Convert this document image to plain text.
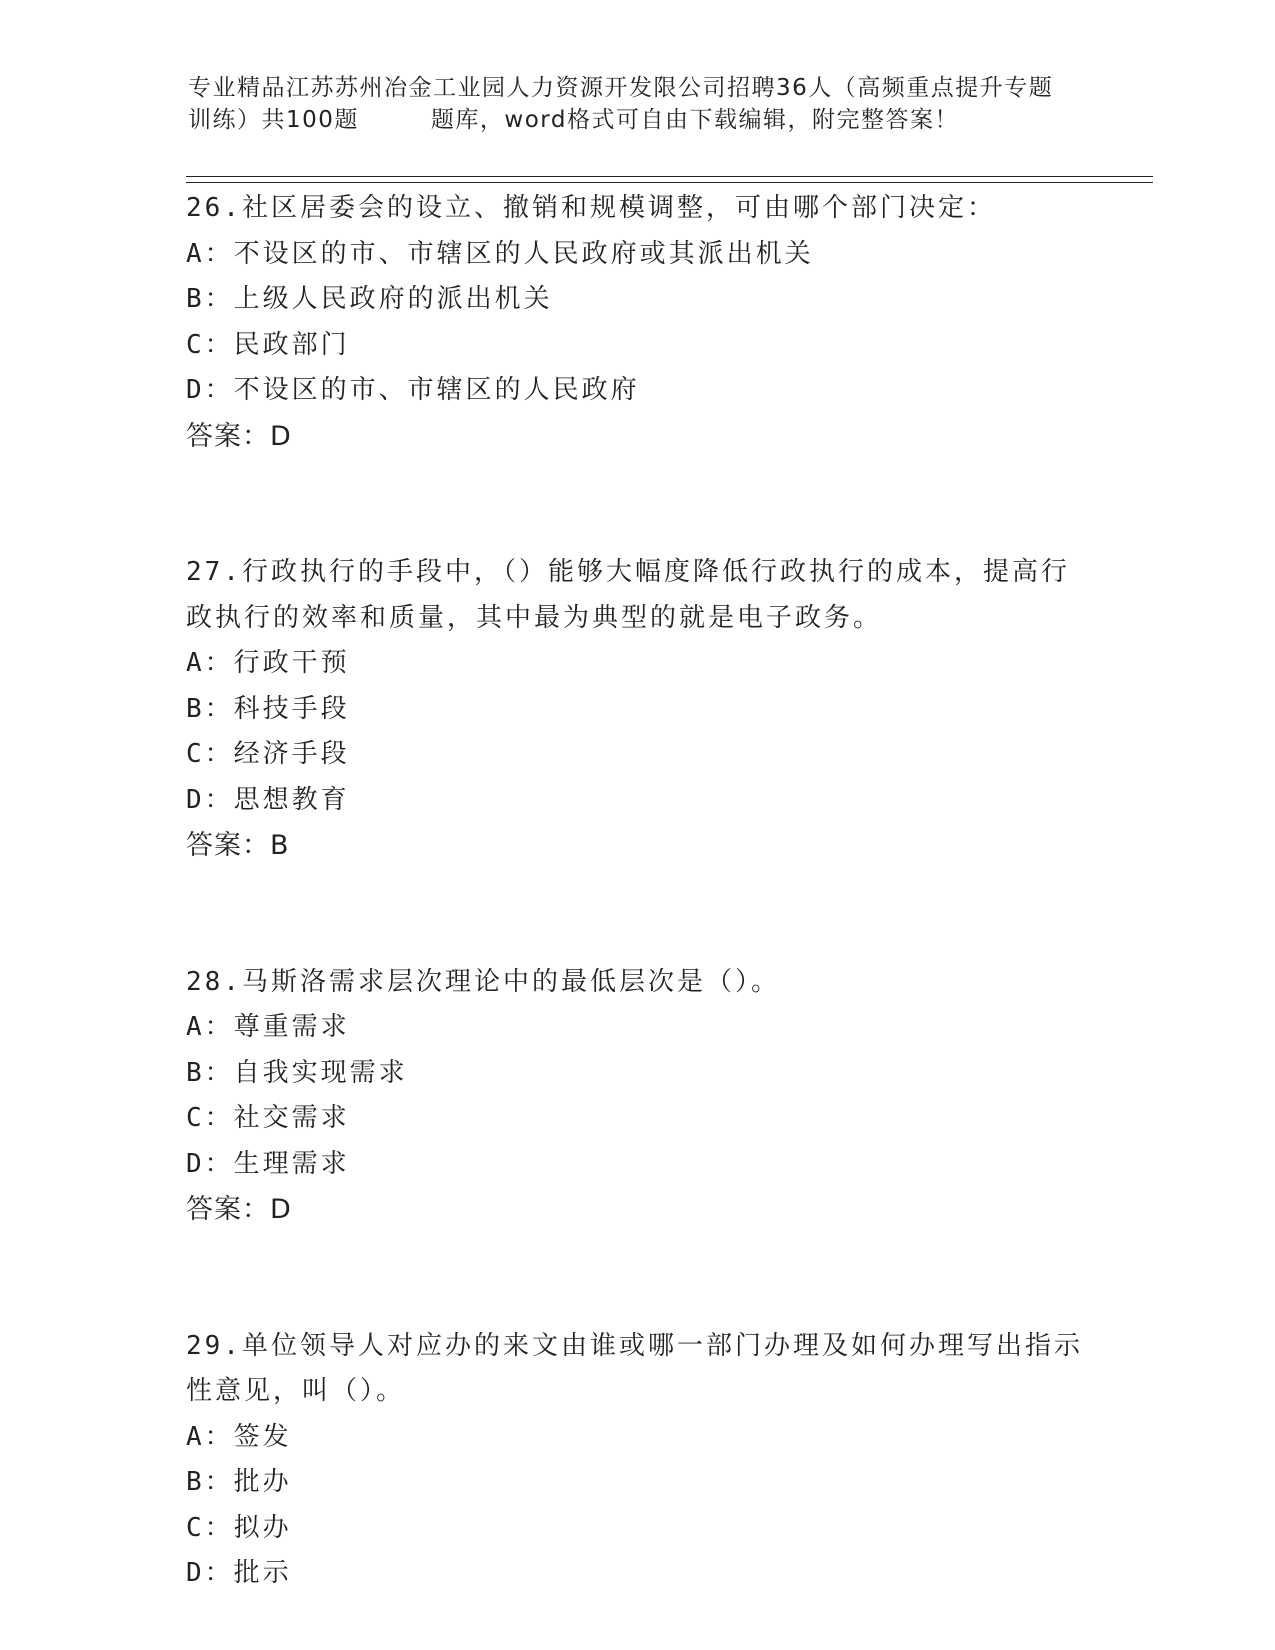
专业精品江苏苏州冶金工业园人力资源开发限公司招聘36人（高频重点提升专题
训练）共100题	题库，word格式可自由下载编辑，附完整答案！

26.社区居委会的设立、撤销和规模调整，可由哪个部门决定：

A：不设区的市、市辖区的人民政府或其派出机关

B：上级人民政府的派出机关

C：民政部门

D：不设区的市、市辖区的人民政府

答案：D

27.行政执行的手段中，（）能够大幅度降低行政执行的成本，提高行政执行的效率和质量，其中最为典型的就是电子政务。

A：行政干预

B：科技手段

C：经济手段

D：思想教育

答案：B

28.马斯洛需求层次理论中的最低层次是（）。

A：尊重需求

B：自我实现需求

C：社交需求

D：生理需求

答案：D

29.单位领导人对应办的来文由谁或哪一部门办理及如何办理写出指示性意见，叫（）。

A：签发

B：批办

C：拟办

D：批示
